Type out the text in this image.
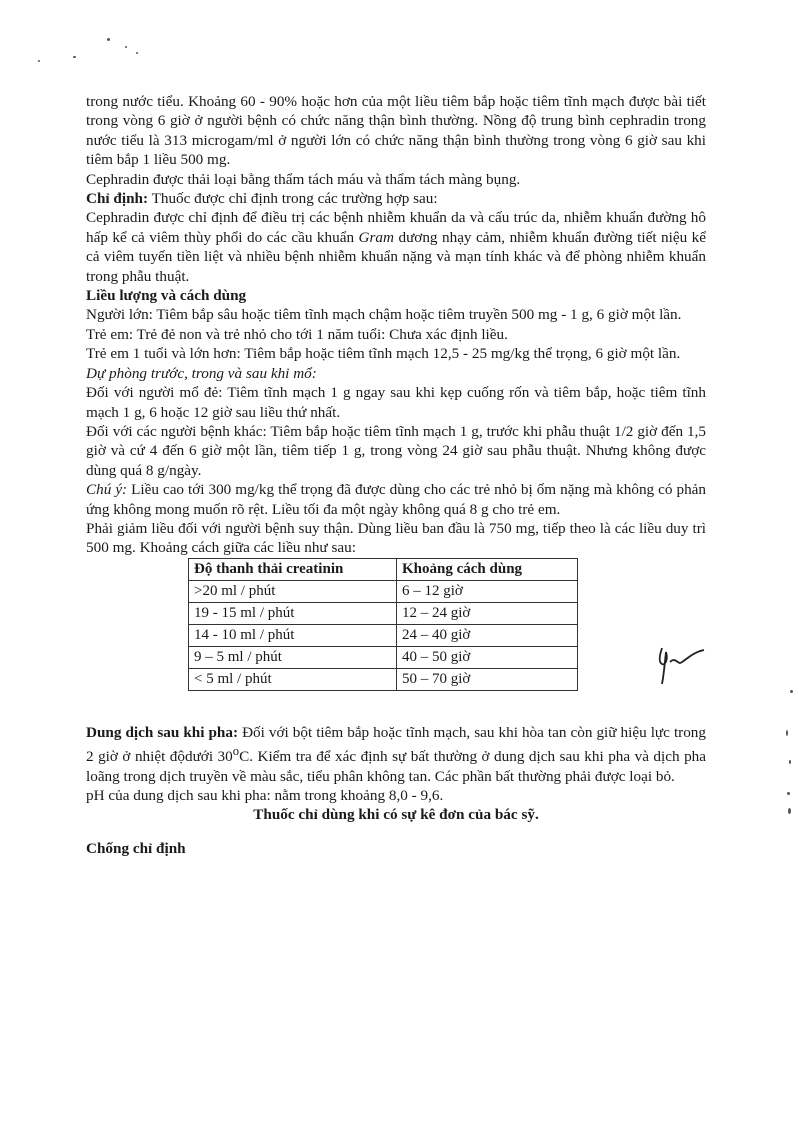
trong nước tiểu. Khoảng 60 - 90% hoặc hơn của một liều tiêm bắp hoặc tiêm tĩnh mạch được bài tiết trong vòng 6 giờ ở người bệnh có chức năng thận bình thường. Nồng độ trung bình cephradin trong nước tiểu là 313 microgam/ml ở người lớn có chức năng thận bình thường trong vòng 6 giờ sau khi tiêm bắp 1 liều 500 mg.

Cephradin được thải loại bằng thẩm tách máu và thẩm tách màng bụng.

Chỉ định: Thuốc được chỉ định trong các trường hợp sau:

Cephradin được chỉ định để điều trị các bệnh nhiễm khuẩn da và cấu trúc da, nhiễm khuẩn đường hô hấp kể cả viêm thùy phổi do các cầu khuẩn Gram dương nhạy cảm, nhiễm khuẩn đường tiết niệu kể cả viêm tuyến tiền liệt và nhiều bệnh nhiễm khuẩn nặng và mạn tính khác và để phòng nhiễm khuẩn trong phẫu thuật.

Liều lượng và cách dùng

Người lớn: Tiêm bắp sâu hoặc tiêm tĩnh mạch chậm hoặc tiêm truyền 500 mg - 1 g, 6 giờ một lần.

Trẻ em: Trẻ đẻ non và trẻ nhỏ cho tới 1 năm tuổi: Chưa xác định liều.

Trẻ em 1 tuổi và lớn hơn: Tiêm bắp hoặc tiêm tĩnh mạch 12,5 - 25 mg/kg thể trọng, 6 giờ một lần.

Dự phòng trước, trong và sau khi mổ:

Đối với người mổ đẻ: Tiêm tĩnh mạch 1 g ngay sau khi kẹp cuống rốn và tiêm bắp, hoặc tiêm tĩnh mạch 1 g, 6 hoặc 12 giờ sau liều thứ nhất.

Đối với các người bệnh khác: Tiêm bắp hoặc tiêm tĩnh mạch 1 g, trước khi phẫu thuật 1/2 giờ đến 1,5 giờ và cứ 4 đến 6 giờ một lần, tiêm tiếp 1 g, trong vòng 24 giờ sau phẫu thuật. Nhưng không được dùng quá 8 g/ngày.

Chú ý: Liều cao tới 300 mg/kg thể trọng đã được dùng cho các trẻ nhỏ bị ốm nặng mà không có phản ứng không mong muốn rõ rệt. Liều tối đa một ngày không quá 8 g cho trẻ em.

Phải giảm liều đối với người bệnh suy thận. Dùng liều ban đầu là 750 mg, tiếp theo là các liều duy trì 500 mg. Khoảng cách giữa các liều như sau:

Độ thanh thải creatinin	Khoảng cách dùng
>20 ml / phút	6 – 12 giờ
19 - 15 ml / phút	12 – 24 giờ
14 - 10 ml / phút	24 – 40 giờ
9 – 5 ml / phút	40 – 50 giờ
< 5 ml / phút	50 – 70 giờ

Dung dịch sau khi pha: Đối với bột tiêm bắp hoặc tĩnh mạch, sau khi hòa tan còn giữ hiệu lực trong 2 giờ ở nhiệt độdưới 30$^o$C. Kiểm tra để xác định sự bất thường ở dung dịch sau khi pha và dịch pha loãng trong dịch truyền về màu sắc, tiểu phân không tan. Các phần bất thường phải được loại bỏ.

pH của dung dịch sau khi pha: nằm trong khoảng 8,0 - 9,6.

Thuốc chỉ dùng khi có sự kê đơn của bác sỹ.

Chống chỉ định
